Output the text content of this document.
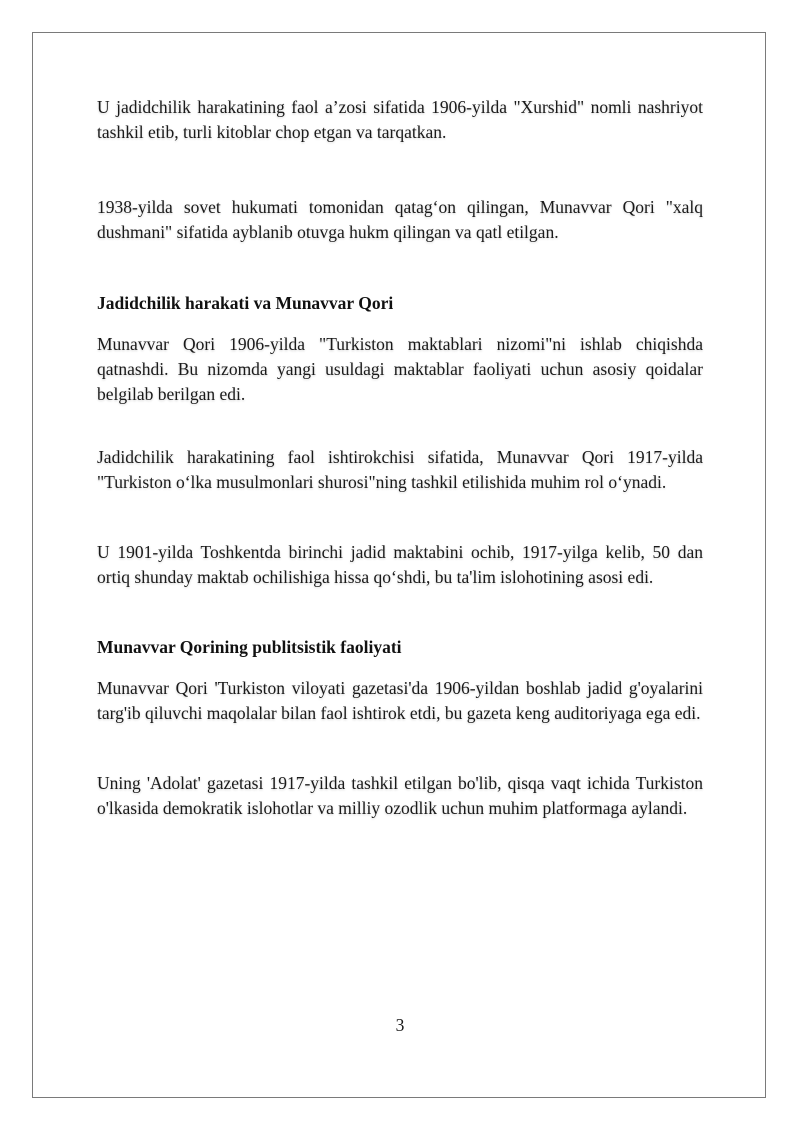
U jadidchilik harakatining faol a’zosi sifatida 1906-yilda "Xurshid" nomli nashriyot tashkil etib, turli kitoblar chop etgan va tarqatkan.

1938-yilda sovet hukumati tomonidan qatag‘on qilingan, Munavvar Qori "xalq dushmani" sifatida ayblanib otuvga hukm qilingan va qatl etilgan.

Jadidchilik harakati va Munavvar Qori

Munavvar Qori 1906-yilda "Turkiston maktablari nizomi"ni ishlab chiqishda qatnashdi. Bu nizomda yangi usuldagi maktablar faoliyati uchun asosiy qoidalar belgilab berilgan edi.

Jadidchilik harakatining faol ishtirokchisi sifatida, Munavvar Qori 1917-yilda "Turkiston o‘lka musulmonlari shurosi"ning tashkil etilishida muhim rol o‘ynadi.

U 1901-yilda Toshkentda birinchi jadid maktabini ochib, 1917-yilga kelib, 50 dan ortiq shunday maktab ochilishiga hissa qo‘shdi, bu ta'lim islohotining asosi edi.

Munavvar Qorining publitsistik faoliyati

Munavvar Qori 'Turkiston viloyati gazetasi'da 1906-yildan boshlab jadid g'oyalarini targ'ib qiluvchi maqolalar bilan faol ishtirok etdi, bu gazeta keng auditoriyaga ega edi.

Uning 'Adolat' gazetasi 1917-yilda tashkil etilgan bo'lib, qisqa vaqt ichida Turkiston o'lkasida demokratik islohotlar va milliy ozodlik uchun muhim platformaga aylandi.

3
